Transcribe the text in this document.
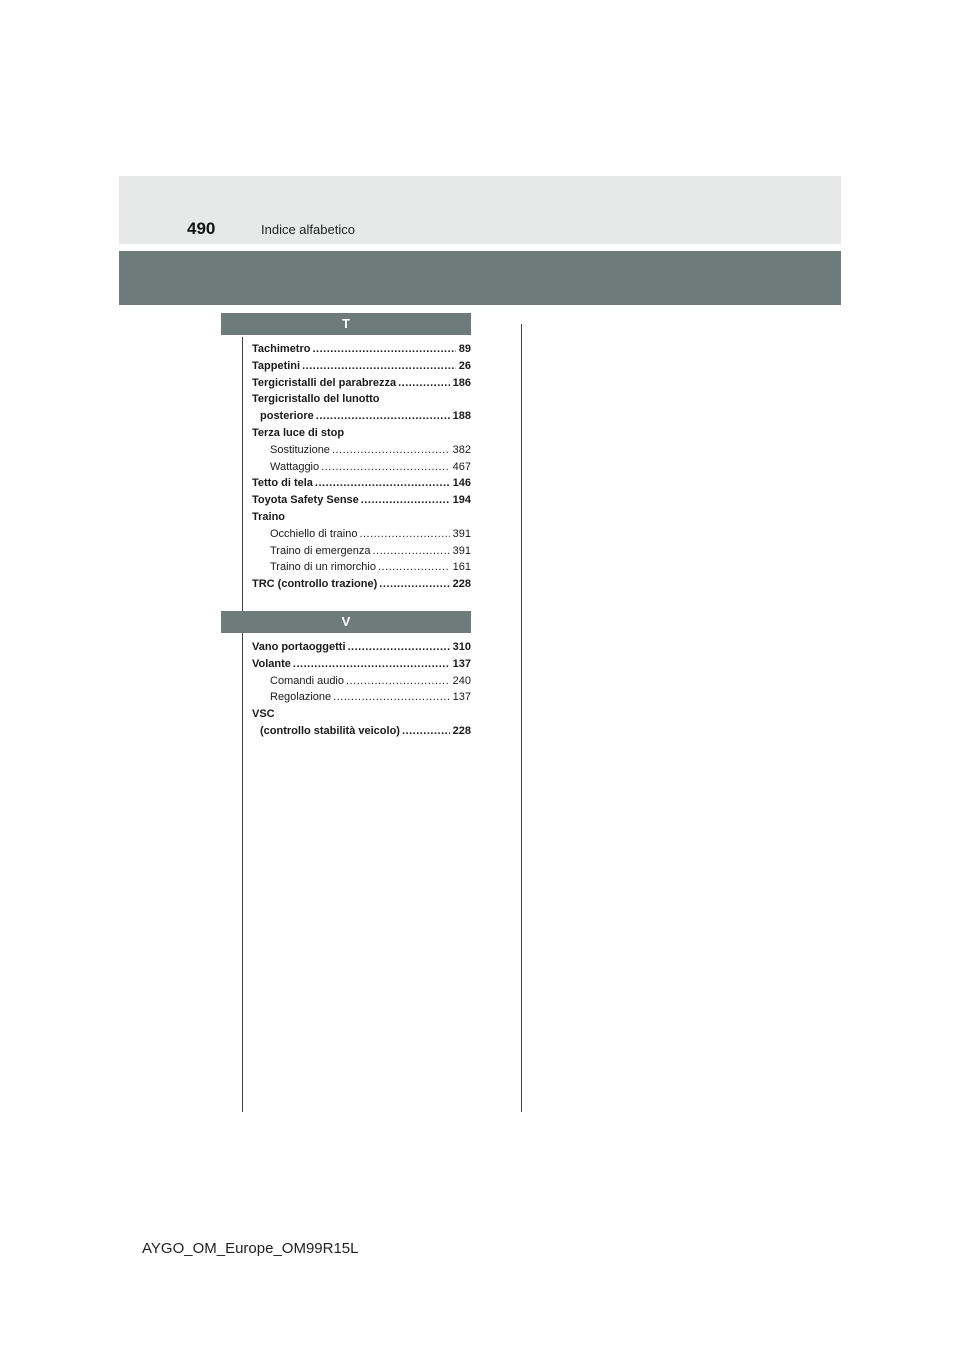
490	Indice alfabetico
T
Tachimetro .....	89
Tappetini .....	26
Tergicristalli del parabrezza .....	186
Tergicristallo del lunotto
posteriore .....	188
Terza luce di stop
Sostituzione .....	382
Wattaggio .....	467
Tetto di tela .....	146
Toyota Safety Sense .....	194
Traino
Occhiello di traino .....	391
Traino di emergenza .....	391
Traino di un rimorchio .....	161
TRC (controllo trazione) .....	228
V
Vano portaoggetti .....	310
Volante .....	137
Comandi audio .....	240
Regolazione .....	137
VSC
(controllo stabilità veicolo) .....	228
AYGO_OM_Europe_OM99R15L
